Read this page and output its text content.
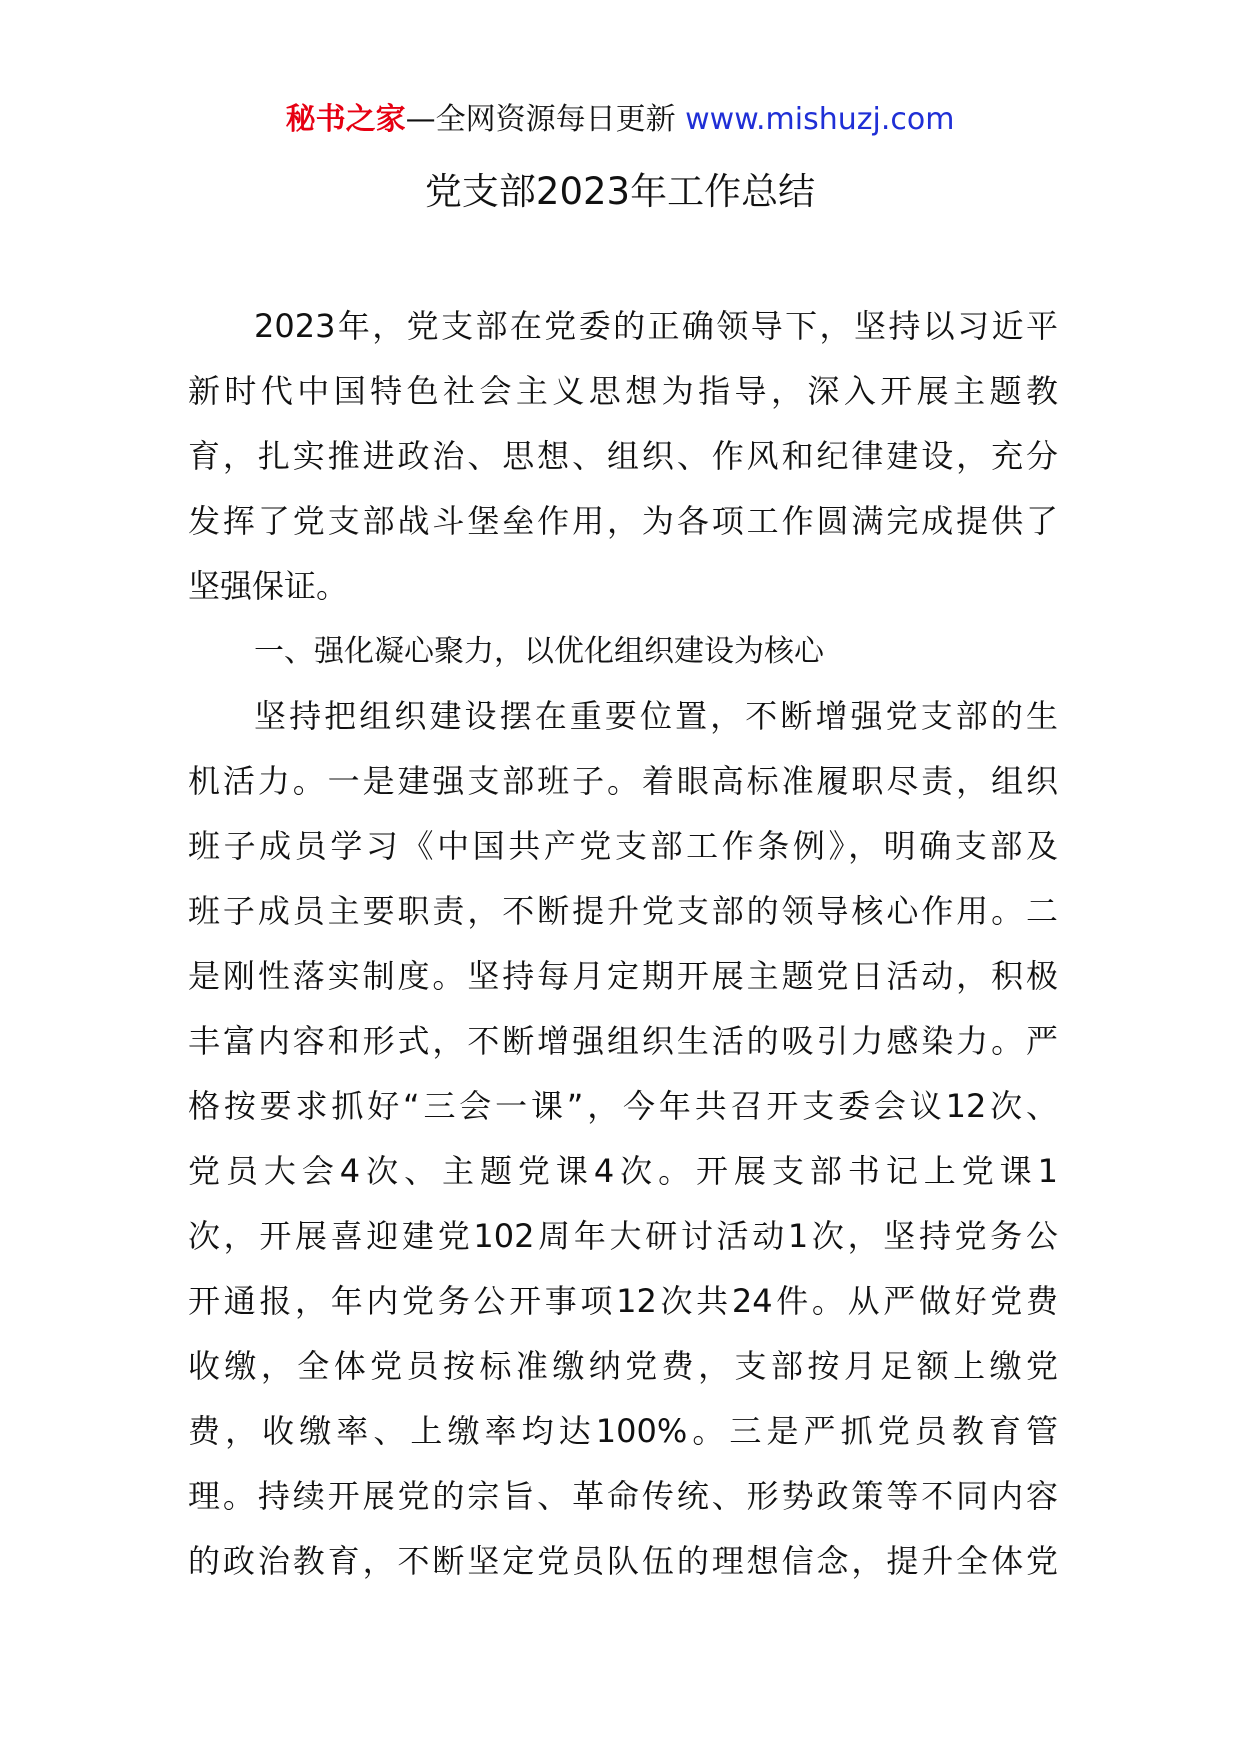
秘书之家—全网资源每日更新 www.mishuzj.com
党支部2023年工作总结
2023年，党支部在党委的正确领导下，坚持以习近平
新时代中国特色社会主义思想为指导，深入开展主题教
育，扎实推进政治、思想、组织、作风和纪律建设，充分
发挥了党支部战斗堡垒作用，为各项工作圆满完成提供了
坚强保证。
一、强化凝心聚力，以优化组织建设为核心
坚持把组织建设摆在重要位置，不断增强党支部的生
机活力。一是建强支部班子。着眼高标准履职尽责，组织
班子成员学习《中国共产党支部工作条例》，明确支部及
班子成员主要职责，不断提升党支部的领导核心作用。二
是刚性落实制度。坚持每月定期开展主题党日活动，积极
丰富内容和形式，不断增强组织生活的吸引力感染力。严
格按要求抓好“三会一课”，今年共召开支委会议12次、
党员大会4次、主题党课4次。开展支部书记上党课1
次，开展喜迎建党102周年大研讨活动1次，坚持党务公
开通报，年内党务公开事项12次共24件。从严做好党费
收缴，全体党员按标准缴纳党费，支部按月足额上缴党
费，收缴率、上缴率均达100%。三是严抓党员教育管
理。持续开展党的宗旨、革命传统、形势政策等不同内容
的政治教育，不断坚定党员队伍的理想信念，提升全体党
